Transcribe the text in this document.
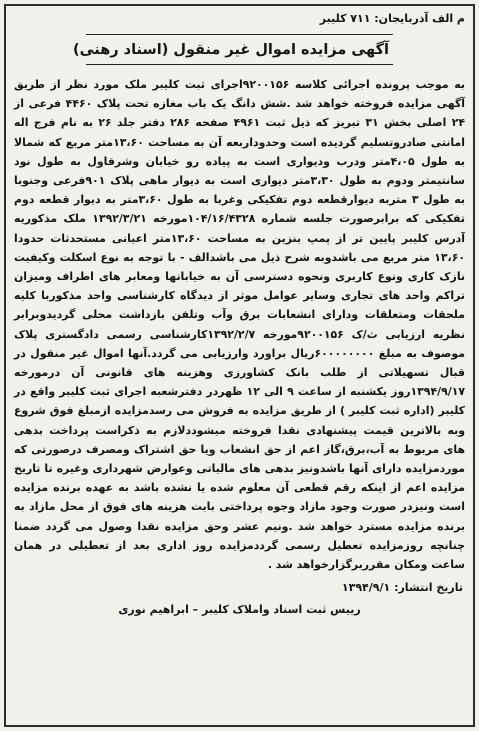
م الف آذربایجان: ۷۱۱ کلیبر
آگهی مزایده اموال غیر منقول (اسناد رهنی)
به موجب پرونده اجرائی کلاسه ۹۲۰۰۱۵۶اجرای ثبت کلیبر ملک مورد نظر از طریق آگهی مزایده فروخته خواهد شد .شش دانگ یک باب مغازه تحت پلاک ۴۴۶۰ فرعی از ۲۴ اصلی بخش ۳۱ تبریز که ذیل ثبت ۴۹۶۱ صفحه ۲۸۶ دفتر جلد ۲۶ به نام فرج اله امانتی صادروتسلیم گردیده است وحدوداربعه آن به مساحت ۱۳،۶۰متر مربع که شمالا به طول ۴،۰۵متر ودرب ودیواری است به پیاده رو خیابان وشرقاول به طول نود سانتیمتر ودوم به طول ۳،۳۰متر دیواری است به دیوار ماهی پلاک ۹۰۱فرعی وجنوبا به طول ۳ متربه دیوارقطعه دوم تفکیکی وغربا به طول ۳،۶۰متر به دیوار قطعه دوم تفکیکی که برابرصورت جلسه شماره ۱۰۴/۱۶/۴۳۲۸مورخه ۱۳۹۲/۳/۲۱ ملک مذکوریه آدرس کلیبر پایین تر از پمپ بنزین به مساحت ۱۳،۶۰متر اعیانی مستحدثات حدودا ۱۳،۶۰ متر مربع می باشدوبه شرح ذیل می باشدالف - با توجه به نوع اسکلت وکیفیت نازک کاری ونوع کاربری ونحوه دسترسی آن به خیابانها ومعابر های اطراف ومیزان تراکم واحد های تجاری وسایر عوامل موثر از دیدگاه کارشناسی واحد مذکوربا کلیه ملحقات ومتعلقات ودارای انشعابات برق وآب وتلفن بازداشت محلی گردیدوبرابر نظریه ارزیابی ث/ک ۹۲۰۰۱۵۶مورخه ۱۳۹۲/۲/۷کارشناسی رسمی دادگستری پلاک موصوف به مبلغ ۶۰۰۰۰۰۰۰۰ریال براورد وارزیابی می گردد.آنها اموال غیر منقول در قبال تسهیلاتی از طلب بانک کشاورزی وهزینه های قانونی آن درمورخه ۱۳۹۴/۹/۱۷روز یکشنبه از ساعت ۹ الی ۱۲ ظهردر دفترشعبه اجرای ثبت کلیبر واقع در کلیبر (اداره ثبت کلیبر ) از طریق مزایده به فروش می رسدمزایده ازمبلغ فوق شروع وبه بالاترین قیمت پیشنهادی نقدا فروخته میشوددلازم به ذکراست پرداخت بدهی های مربوط به آب،برق،گاز اعم از حق انشعاب ویا حق اشتراک ومصرف درصورتی که موردمزایده دارای آنها باشدونیز بدهی های مالیاتی وعوارض شهرداری وغیره تا تاریخ مزایده اعم از اینکه رقم قطعی آن معلوم شده یا نشده باشد به عهده برنده مزایده است ونیزدر صورت وجود مازاد وجوه پرداختی بابت هزینه های فوق از محل مازاد به برنده مزایده مسترد خواهد شد .ونیم عشر وحق مزایده نقدا وصول می گردد ضمنا چنانچه روزمزایده تعطیل رسمی گرددمزایده روز اداری بعد از تعطیلی در همان ساعت ومکان مقرربرگزارخواهد شد .
تاریخ انتشار: ۱۳۹۴/۹/۱
رییس ثبت اسناد واملاک کلیبر – ابراهیم نوری
